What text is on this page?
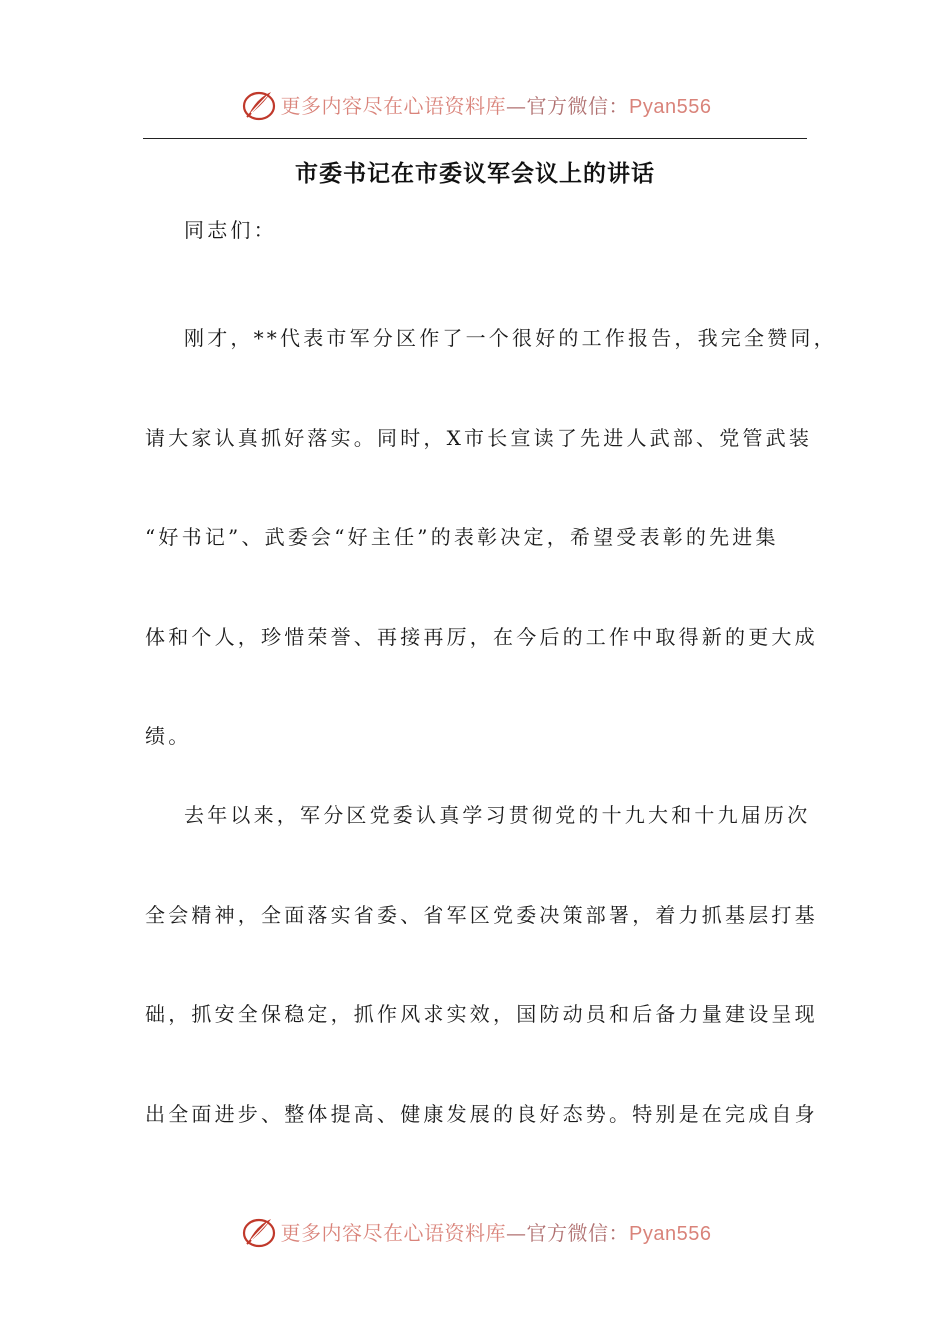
更多内容尽在心语资料库—官方微信：Pyan556
市委书记在市委议军会议上的讲话
同志们：
刚才，**代表市军分区作了一个很好的工作报告，我完全赞同，
请大家认真抓好落实。同时，X市长宣读了先进人武部、党管武装
“好书记”、武委会“好主任”的表彰决定，希望受表彰的先进集
体和个人，珍惜荣誉、再接再厉，在今后的工作中取得新的更大成
绩。
去年以来，军分区党委认真学习贯彻党的十九大和十九届历次
全会精神，全面落实省委、省军区党委决策部署，着力抓基层打基
础，抓安全保稳定，抓作风求实效，国防动员和后备力量建设呈现
出全面进步、整体提高、健康发展的良好态势。特别是在完成自身
更多内容尽在心语资料库—官方微信：Pyan556
